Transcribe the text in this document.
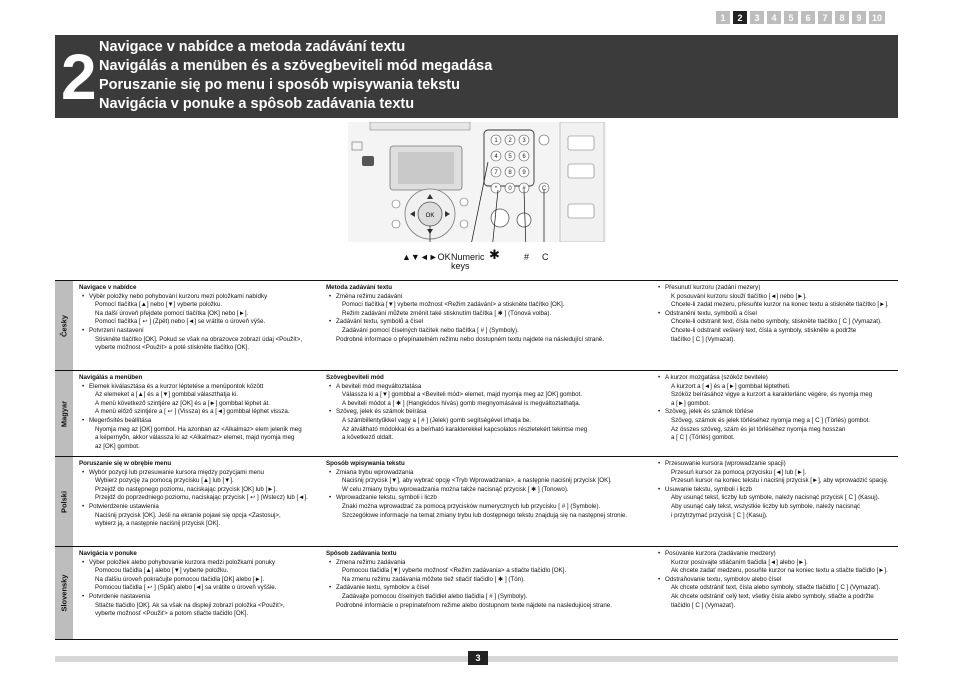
1	2	3	4	5	6	7	8	9	10
2 Navigace v nabídce a metoda zadávání textu
Navigálás a menüben és a szövegbeviteli mód megadása
Poruszanie się po menu i sposób wpisywania tekstu
Navigácia v ponuke a spôsob zadávania textu
OK
1 2 3
4 5 6
7 8 9
* 0 #	C
▲▼◄►OK Numeric
keys
✱	# C
Česky
Navigace v nabídce
• Výběr položky nebo pohybování kurzoru mezi položkami nabídky
Pomocí tlačítka [▲] nebo [▼] vyberte položku.
Na další úroveň přejdete pomocí tlačítka [OK] nebo [►].
Pomocí tlačítka [ ↩ ] (Zpět) nebo [◄] se vrátíte o úroveň výše.
• Potvrzení nastavení
Stiskněte tlačítko [OK]. Pokud se však na obrazovce zobrazí údaj <Použít>,
vyberte možnost <Použít> a poté stiskněte tlačítko [OK].
Metoda zadávání textu
• Změna režimu zadávání
Pomocí tlačítka [▼] vyberte možnost <Režim zadávání> a stiskněte tlačítko [OK].
Režim zadávání můžete změnit také stisknutím tlačítka [ ✱ ] (Tónová volba).
• Zadávání textu, symbolů a čísel
Zadávání pomocí číselných tlačítek nebo tlačítka [ # ] (Symboly).
Podrobné informace o přepínatelném režimu nebo dostupném textu najdete na následující straně.
• Přesunutí kurzoru (zadání mezery)
K posouvání kurzoru slouží tlačítko [◄] nebo [►].
Chcete-li zadat mezeru, přesuňte kurzor na konec textu a stiskněte tlačítko [►].
• Odstranění textu, symbolů a čísel
Chcete-li odstranit text, čísla nebo symboly, stiskněte tlačítko [ C ] (Vymazat).
Chcete-li odstranit veškerý text, čísla a symboly, stiskněte a podržte
tlačítko [ C ] (Vymazat).
Magyar
Navigálás a menüben
• Elemek kiválasztása és a kurzor léptetése a menüpontok között
Az elemeket a [▲] és a [▼] gombbal választhatja ki.
A menü következő szintjére az [OK] és a [►] gombbal léphet át.
A menü előző szintjére a [ ↩ ] (Vissza) és a [◄] gombbal léphet vissza.
• Megerősítés beállítása
Nyomja meg az [OK] gombot. Ha azonban az <Alkalmaz> elem jelenik meg
a képernyőn, akkor válassza ki az <Alkalmaz> elemet, majd nyomja meg
az [OK] gombot.
Szövegbeviteli mód
• A beviteli mód megváltoztatása
Válassza ki a [▼] gombbal a <Beviteli mód> elemet, majd nyomja meg az [OK] gombot.
A beviteli módot a [ ✱ ] (Hangkódos hívás) gomb megnyomásával is megváltoztathatja.
• Szöveg, jelek és számok beírása
A számbillentyűkkel vagy a [ # ] (Jelek) gomb segítségével írhatja be.
Az átváltható módokkal és a beírható karakterekkel kapcsolatos részletekért tekintse meg
a következő oldalt.
• A kurzor mozgatása (szóköz bevitele)
A kurzort a [◄] és a [►] gombbal léptetheti.
Szóköz beírásához vigye a kurzort a karakterlánc végére, és nyomja meg
a [►] gombot.
• Szöveg, jelek és számok törlése
Szöveg, számok és jelek törléséhez nyomja meg a [ C ] (Törlés) gombot.
Az összes szöveg, szám és jel törléséhez nyomja meg hosszan
a [ C ] (Törlés) gombot.
Polski
Poruszanie się w obrębie menu
• Wybór pozycji lub przesuwanie kursora między pozycjami menu
Wybierz pozycję za pomocą przycisku [▲] lub [▼].
Przejdź do następnego poziomu, naciskając przycisk [OK] lub [►].
Przejdź do poprzedniego poziomu, naciskając przycisk [ ↩ ] (Wstecz) lub [◄].
• Potwierdzenie ustawienia
Naciśnij przycisk [OK]. Jeśli na ekranie pojawi się opcja <Zastosuj>,
wybierz ją, a następnie naciśnij przycisk [OK].
Sposób wpisywania tekstu
• Zmiana trybu wprowadzania
Naciśnij przycisk [▼], aby wybrać opcję <Tryb Wprowadzania>, a następnie naciśnij przycisk [OK].
W celu zmiany trybu wprowadzania można także nacisnąć przycisk [ ✱ ] (Tonowo).
• Wprowadzanie tekstu, symboli i liczb
Znaki można wprowadzać za pomocą przycisków numerycznych lub przycisku [ # ] (Symbole).
Szczegółowe informacje na temat zmiany trybu lub dostępnego tekstu znajdują się na następnej stronie.
• Przesuwanie kursora (wprowadzanie spacji)
Przesuń kursor za pomocą przycisku [◄] lub [►].
Przesuń kursor na koniec tekstu i naciśnij przycisk [►], aby wprowadzić spację.
• Usuwanie tekstu, symboli i liczb
Aby usunąć tekst, liczby lub symbole, należy nacisnąć przycisk [ C ] (Kasuj).
Aby usunąć cały tekst, wszystkie liczby lub symbole, należy nacisnąć
i przytrzymać przycisk [ C ] (Kasuj).
Slovensky
Navigácia v ponuke
• Výber položiek alebo pohybovanie kurzora medzi položkami ponuky
Pomocou tlačidla [▲] alebo [▼] vyberte položku.
Na ďalšiu úroveň pokračujte pomocou tlačidla [OK] alebo [►].
Pomocou tlačidla [ ↩ ] (Späť) alebo [◄] sa vrátite o úroveň vyššie.
• Potvrdenie nastavenia
Stlačte tlačidlo [OK]. Ak sa však na displeji zobrazí položka <Použiť>,
vyberte možnosť <Použiť> a potom stlačte tlačidlo [OK].
Spôsob zadávania textu
• Zmena režimu zadávania
Pomocou tlačidla [▼] vyberte možnosť <Režim zadávania> a stlačte tlačidlo [OK].
Na zmenu režimu zadávania môžete tiež stlačiť tlačidlo [ ✱ ] (Tón).
• Zadávanie textu, symbolov a čísel
Zadávajte pomocou číselných tlačidiel alebo tlačidla [ # ] (Symboly).
Podrobné informácie o prepínateľnom režime alebo dostupnom texte nájdete na nasledujúcej strane.
• Posúvanie kurzora (zadávanie medzery)
Kurzor posúvajte stláčaním tlačidla [◄] alebo [►].
Ak chcete zadať medzeru, posuňte kurzor na koniec textu a stlačte tlačidlo [►].
• Odstraňovanie textu, symbolov alebo čísel
Ak chcete odstrániť text, čísla alebo symboly, stlačte tlačidlo [ C ] (Vymazať).
Ak chcete odstrániť celý text, všetky čísla alebo symboly, stlačte a podržte
tlačidlo [ C ] (Vymazať).
3
